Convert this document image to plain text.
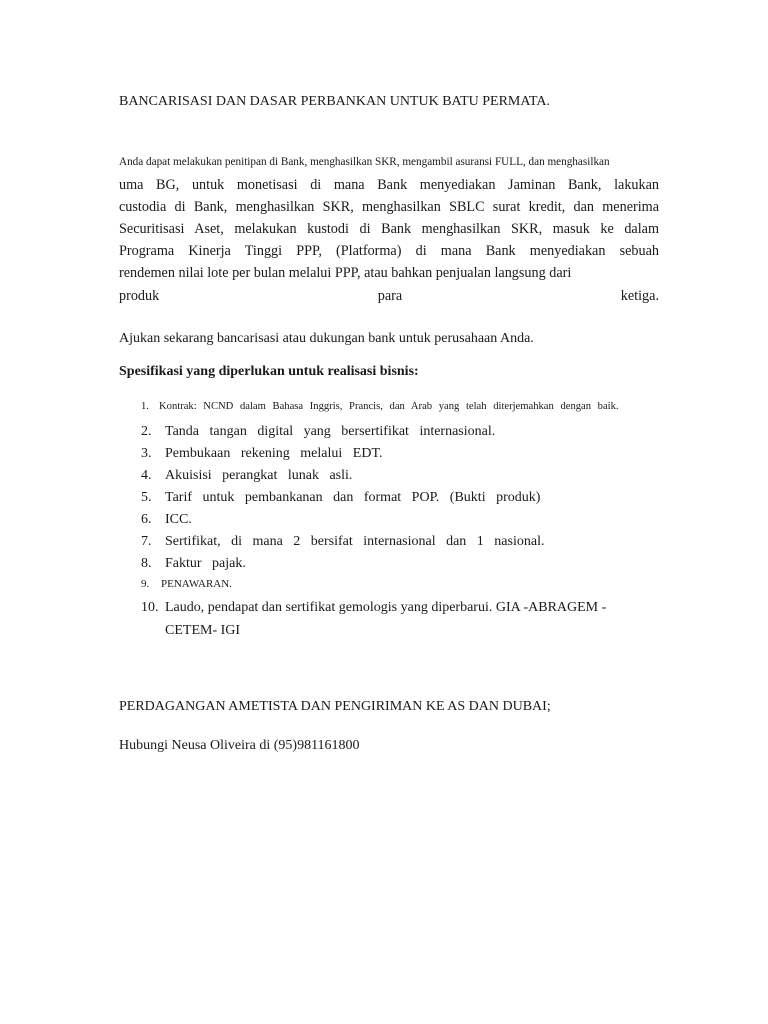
BANCARISASI DAN DASAR PERBANKAN UNTUK BATU PERMATA.
Anda dapat melakukan penitipan di Bank, menghasilkan SKR, mengambil asuransi FULL, dan menghasilkan
uma BG, untuk monetisasi di mana Bank menyediakan Jaminan Bank, lakukan
custodia di Bank, menghasilkan SKR, menghasilkan SBLC surat kredit, dan menerima
Securitisasi Aset, melakukan kustodi di Bank menghasilkan SKR, masuk ke dalam
Programa Kinerja Tinggi PPP, (Platforma) di mana Bank menyediakan sebuah
rendemen nilai lote per bulan melalui PPP, atau bahkan penjualan langsung dari
produk para ketiga.
Ajukan sekarang bancarisasi atau dukungan bank untuk perusahaan Anda.
Spesifikasi yang diperlukan untuk realisasi bisnis:
1. Kontrak: NCND dalam Bahasa Inggris, Prancis, dan Arab yang telah diterjemahkan dengan baik.
2. Tanda tangan digital yang bersertifikat internasional.
3. Pembukaan rekening melalui EDT.
4. Akuisisi perangkat lunak asli.
5. Tarif untuk pembankanan dan format POP. (Bukti produk)
6. ICC.
7. Sertifikat, di mana 2 bersifat internasional dan 1 nasional.
8. Faktur pajak.
9. PENAWARAN.
10. Laudo, pendapat dan sertifikat gemologis yang diperbarui. GIA -ABRAGEM -
CETEM- IGI
PERDAGANGAN AMETISTA DAN PENGIRIMAN KE AS DAN DUBAI;
Hubungi Neusa Oliveira di (95)981161800
